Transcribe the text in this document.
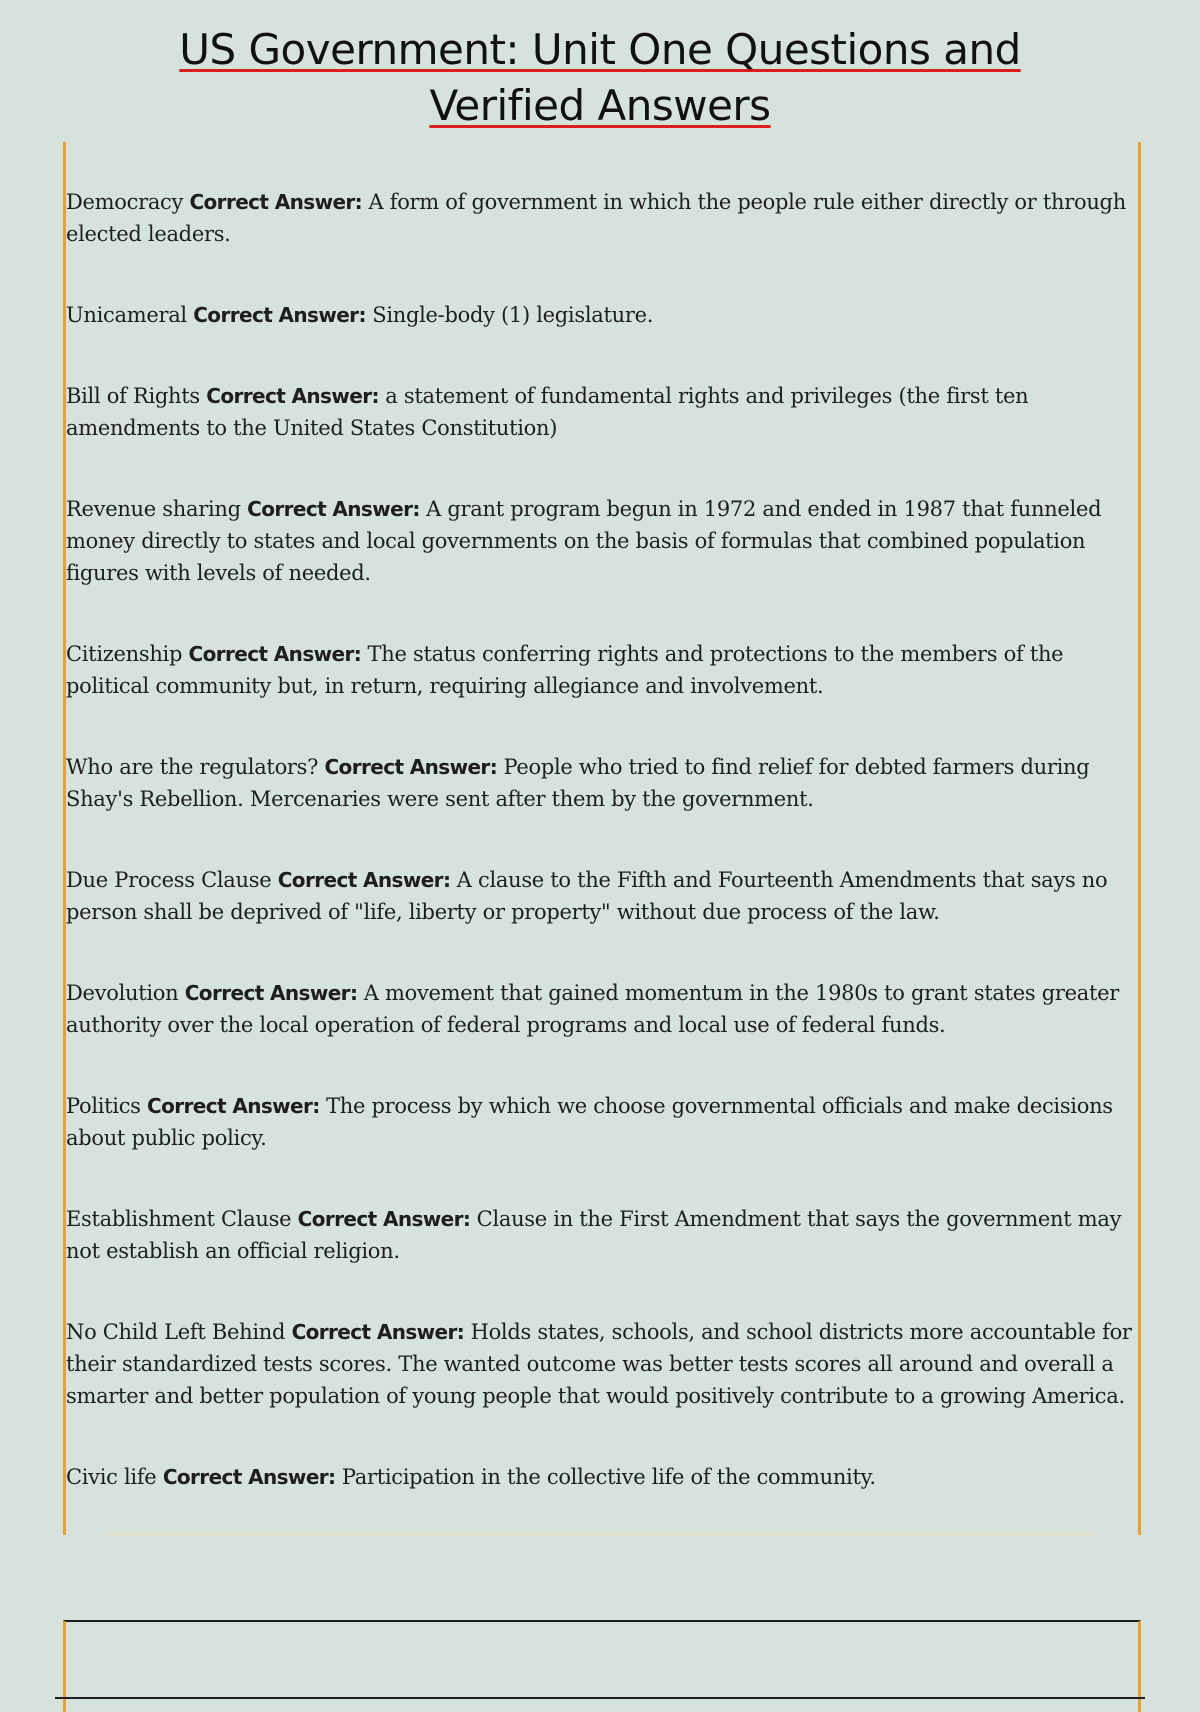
US Government: Unit One Questions and
Verified Answers

Democracy Correct Answer: A form of government in which the people rule either directly or through elected leaders.

Unicameral Correct Answer: Single-body (1) legislature.

Bill of Rights Correct Answer: a statement of fundamental rights and privileges (the first ten amendments to the United States Constitution)

Revenue sharing Correct Answer: A grant program begun in 1972 and ended in 1987 that funneled money directly to states and local governments on the basis of formulas that combined population figures with levels of needed.

Citizenship Correct Answer: The status conferring rights and protections to the members of the political community but, in return, requiring allegiance and involvement.

Who are the regulators? Correct Answer: People who tried to find relief for debted farmers during Shay's Rebellion. Mercenaries were sent after them by the government.

Due Process Clause Correct Answer: A clause to the Fifth and Fourteenth Amendments that says no person shall be deprived of "life, liberty or property" without due process of the law.

Devolution Correct Answer: A movement that gained momentum in the 1980s to grant states greater authority over the local operation of federal programs and local use of federal funds.

Politics Correct Answer: The process by which we choose governmental officials and make decisions about public policy.

Establishment Clause Correct Answer: Clause in the First Amendment that says the government may not establish an official religion.

No Child Left Behind Correct Answer: Holds states, schools, and school districts more accountable for their standardized tests scores. The wanted outcome was better tests scores all around and overall a smarter and better population of young people that would positively contribute to a growing America.

Civic life Correct Answer: Participation in the collective life of the community.
